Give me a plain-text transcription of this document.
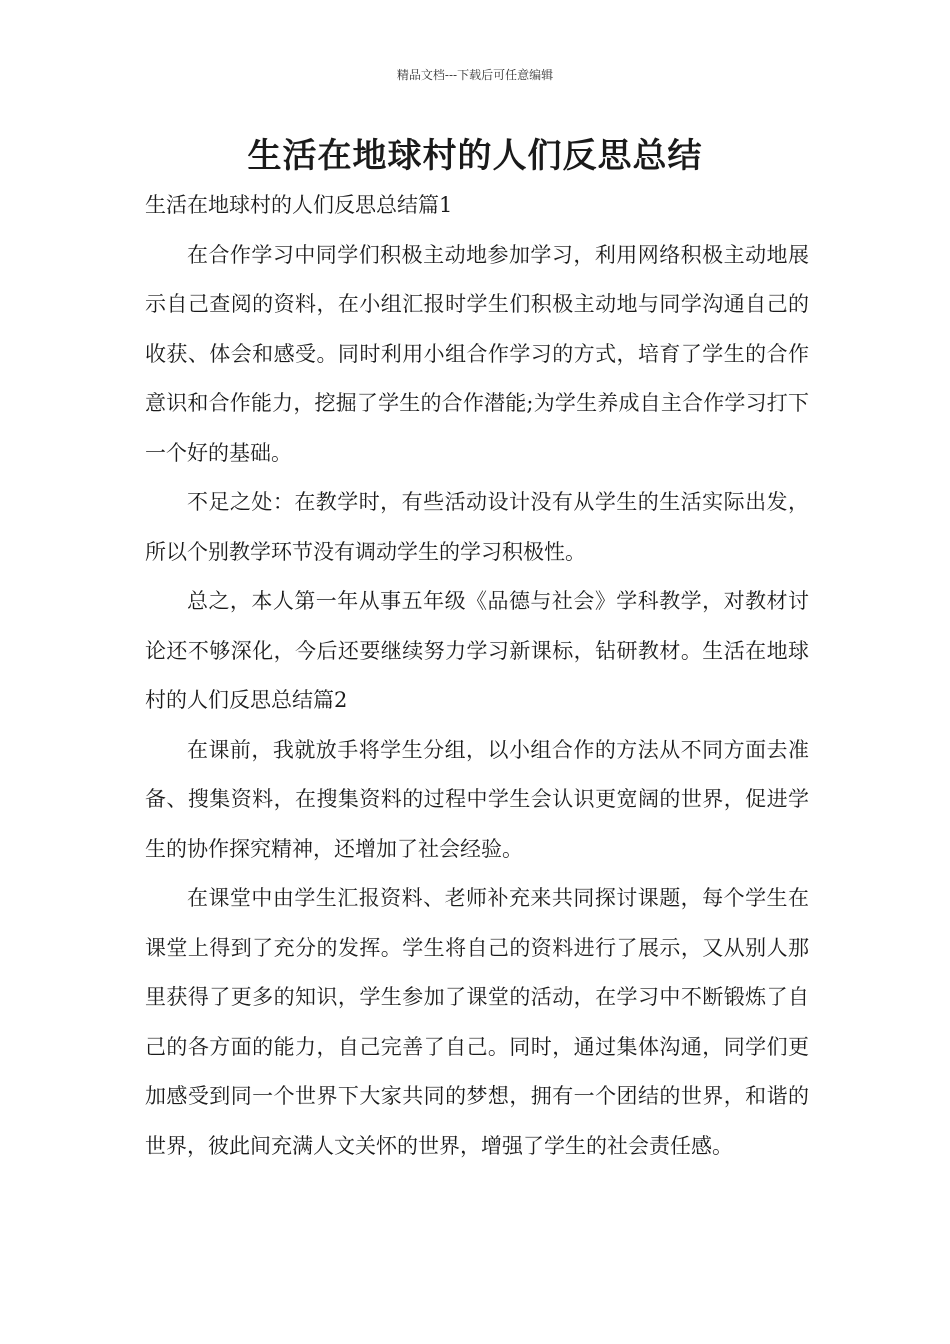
精品文档---下载后可任意编辑
生活在地球村的人们反思总结

生活在地球村的人们反思总结篇1

在合作学习中同学们积极主动地参加学习，利用网络积极主动地展示自己查阅的资料，在小组汇报时学生们积极主动地与同学沟通自己的收获、体会和感受。同时利用小组合作学习的方式，培育了学生的合作意识和合作能力，挖掘了学生的合作潜能;为学生养成自主合作学习打下一个好的基础。

不足之处：在教学时，有些活动设计没有从学生的生活实际出发，所以个别教学环节没有调动学生的学习积极性。

总之，本人第一年从事五年级《品德与社会》学科教学，对教材讨论还不够深化，今后还要继续努力学习新课标，钻研教材。生活在地球村的人们反思总结篇2

在课前，我就放手将学生分组，以小组合作的方法从不同方面去准备、搜集资料，在搜集资料的过程中学生会认识更宽阔的世界，促进学生的协作探究精神，还增加了社会经验。

在课堂中由学生汇报资料、老师补充来共同探讨课题，每个学生在课堂上得到了充分的发挥。学生将自己的资料进行了展示，又从别人那里获得了更多的知识，学生参加了课堂的活动，在学习中不断锻炼了自己的各方面的能力，自己完善了自己。同时，通过集体沟通，同学们更加感受到同一个世界下大家共同的梦想，拥有一个团结的世界，和谐的世界，彼此间充满人文关怀的世界，增强了学生的社会责任感。
